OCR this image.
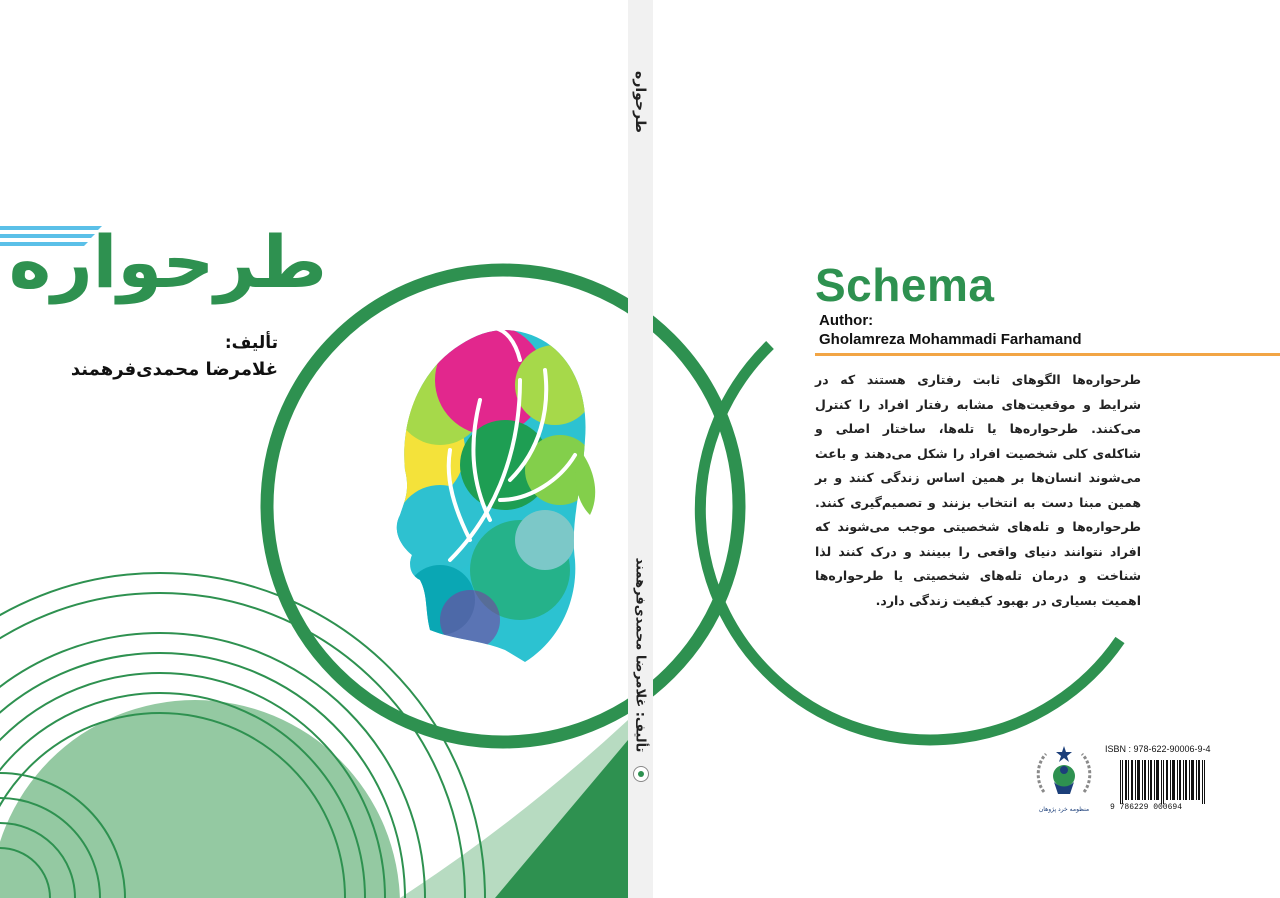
طرحواره
تألیف: غلامرضا محمدی‌فرهمند
طرحواره
تألیف:
غلامرضا محمدی‌فرهمند
Schema
Author:
Gholamreza Mohammadi Farhamand
طرحواره‌ها الگوهای ثابت رفتاری هستند که در شرایط و موقعیت‌های مشابه رفتار افراد را کنترل می‌کنند. طرحواره‌ها یا تله‌ها، ساختار اصلی و شاکله‌ی کلی شخصیت افراد را شکل می‌دهند و باعث می‌شوند انسان‌ها بر همین اساس زندگی کنند و بر همین مبنا دست به انتخاب بزنند و تصمیم‌گیری کنند. طرحواره‌ها و تله‌های شخصیتی موجب می‌شوند که افراد نتوانند دنیای واقعی را ببینند و درک کنند لذا شناخت و درمان تله‌های شخصیتی یا طرحواره‌ها اهمیت بسیاری در بهبود کیفیت زندگی دارد.
منظومه خرد پژوهان
ISBN : 978-622-90006-9-4
9 786229 000694
